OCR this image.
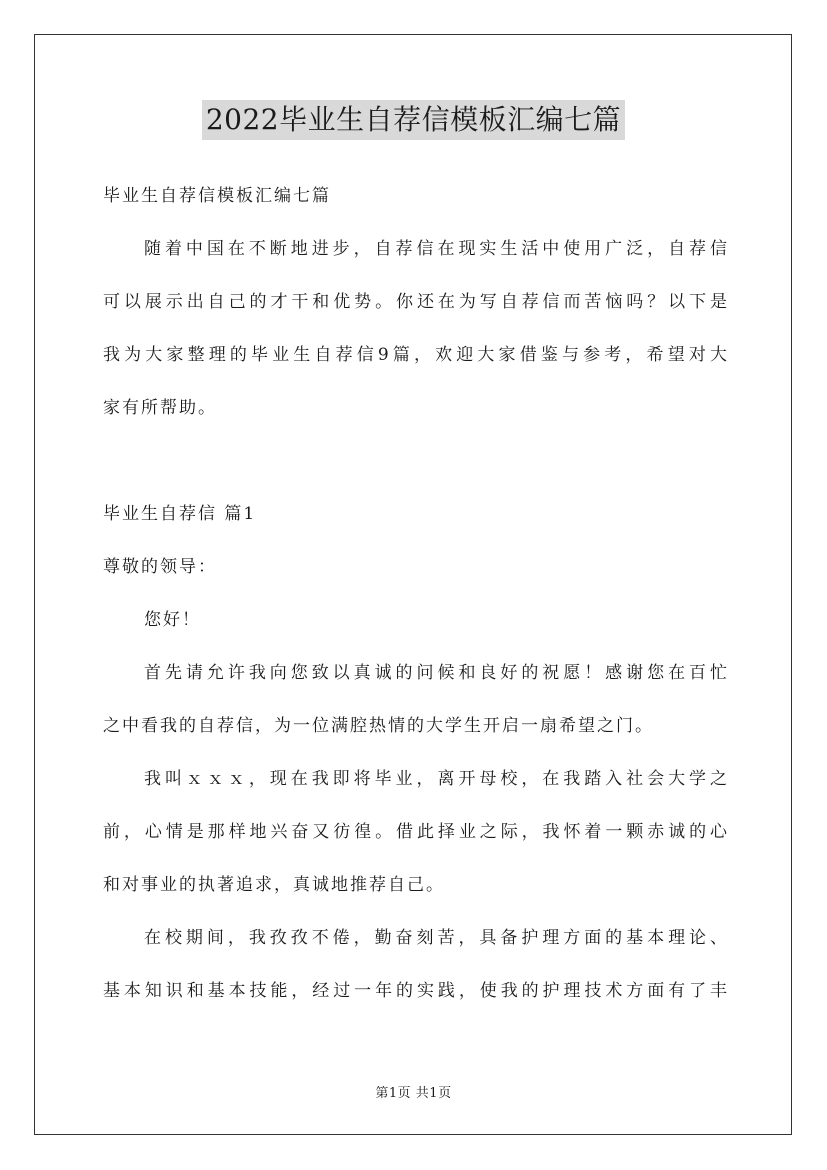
2022毕业生自荐信模板汇编七篇
毕业生自荐信模板汇编七篇
随着中国在不断地进步，自荐信在现实生活中使用广泛，自荐信
可以展示出自己的才干和优势。你还在为写自荐信而苦恼吗？以下是
我为大家整理的毕业生自荐信9篇，欢迎大家借鉴与参考，希望对大
家有所帮助。
毕业生自荐信 篇1
尊敬的领导：
您好！
首先请允许我向您致以真诚的问候和良好的祝愿！感谢您在百忙
之中看我的自荐信，为一位满腔热情的大学生开启一扇希望之门。
我叫ｘｘｘ，现在我即将毕业，离开母校，在我踏入社会大学之
前，心情是那样地兴奋又彷徨。借此择业之际，我怀着一颗赤诚的心
和对事业的执著追求，真诚地推荐自己。
在校期间，我孜孜不倦，勤奋刻苦，具备护理方面的基本理论、
基本知识和基本技能，经过一年的实践，使我的护理技术方面有了丰
第1页 共1页
